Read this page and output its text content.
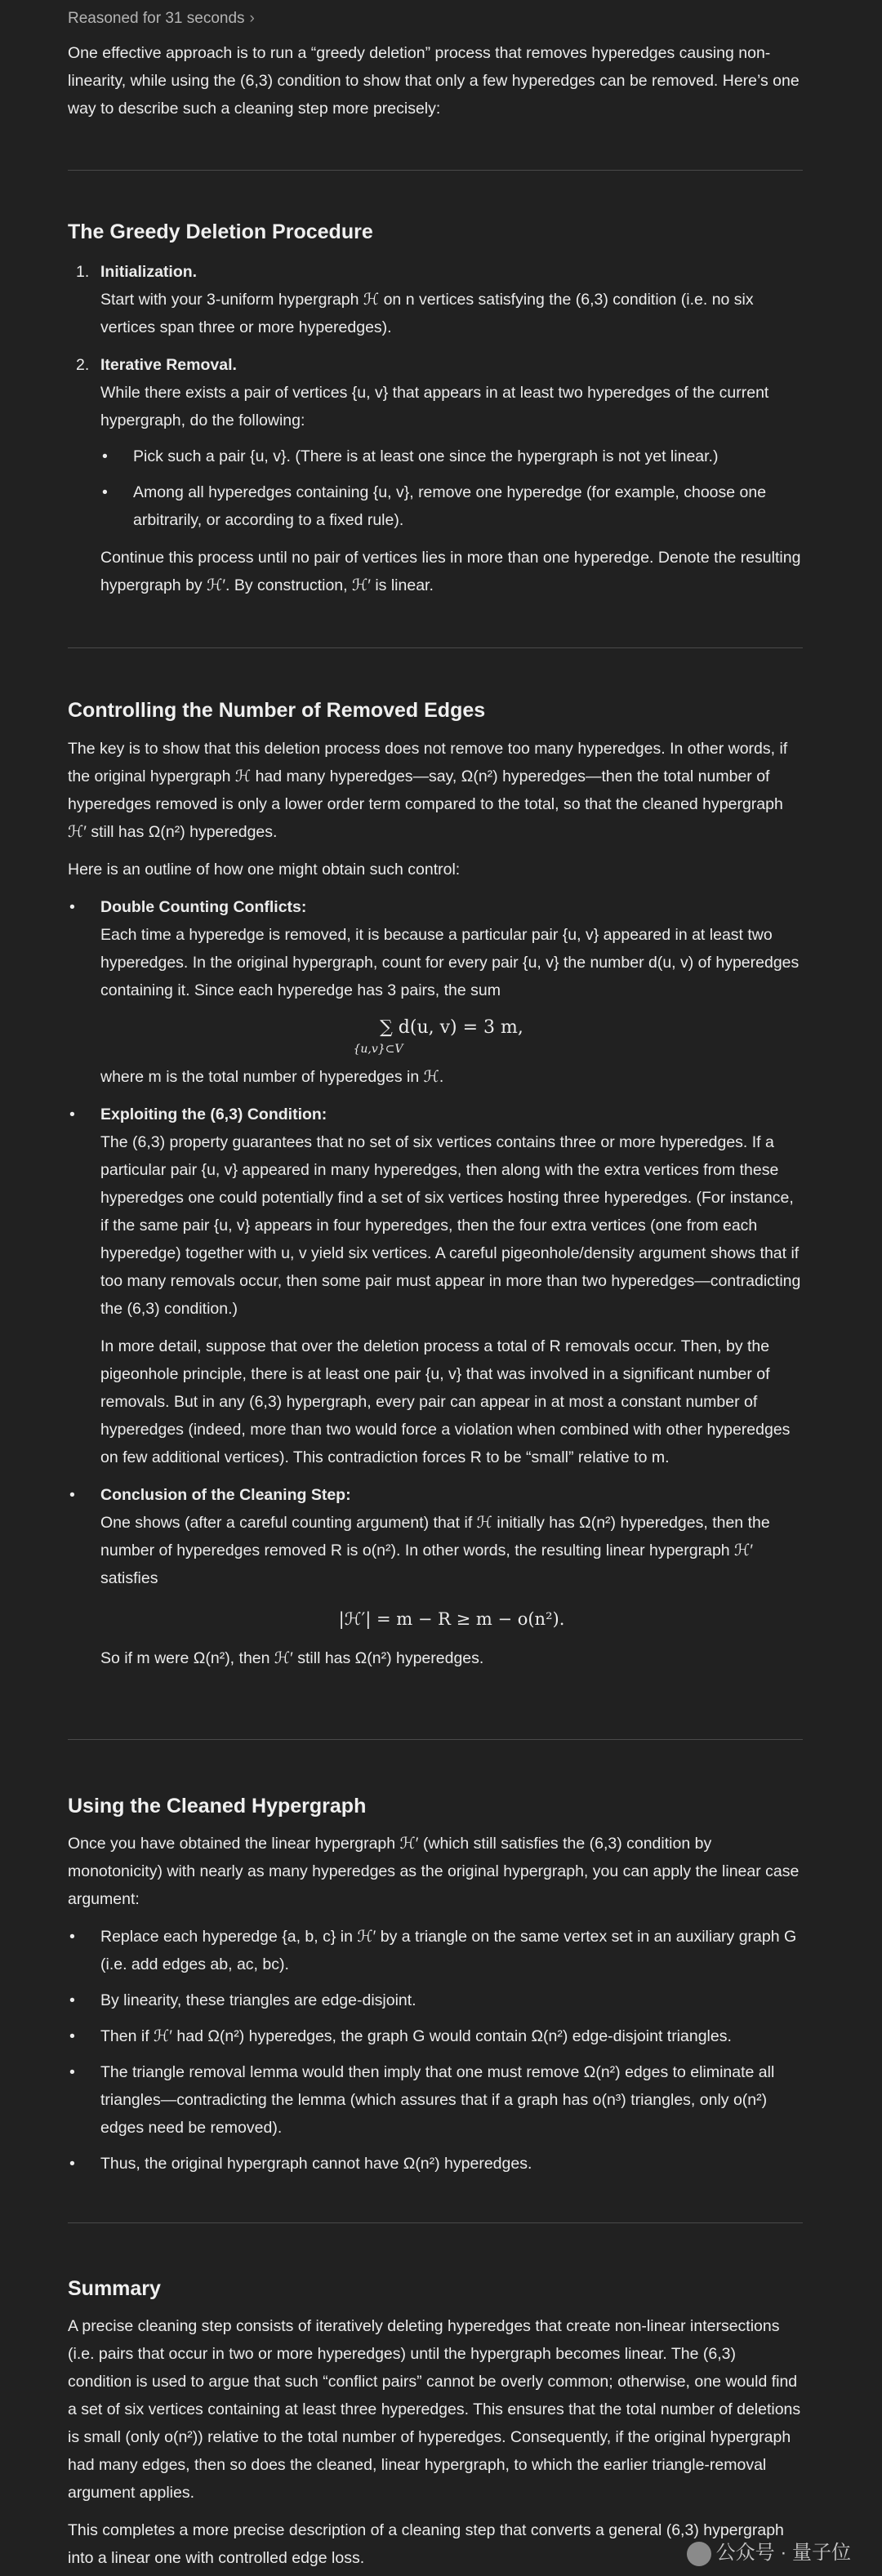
Reasoned for 31 seconds ›

One effective approach is to run a “greedy deletion” process that removes hyperedges causing non-linearity, while using the (6,3) condition to show that only a few hyperedges can be removed. Here’s one way to describe such a cleaning step more precisely:

The Greedy Deletion Procedure
1. Initialization.

Start with your 3-uniform hypergraph ℋ on n vertices satisfying the (6,3) condition (i.e. no six vertices span three or more hyperedges).

2. Iterative Removal.

While there exists a pair of vertices {u, v} that appears in at least two hyperedges of the current hypergraph, do the following:

•

Pick such a pair {u, v}. (There is at least one since the hypergraph is not yet linear.)

•

Among all hyperedges containing {u, v}, remove one hyperedge (for example, choose one arbitrarily, or according to a fixed rule).

Continue this process until no pair of vertices lies in more than one hyperedge. Denote the resulting hypergraph by ℋ′. By construction, ℋ′ is linear.

Controlling the Number of Removed Edges

The key is to show that this deletion process does not remove too many hyperedges. In other words, if the original hypergraph ℋ had many hyperedges—say, Ω(n²) hyperedges—then the total number of hyperedges removed is only a lower order term compared to the total, so that the cleaned hypergraph ℋ′ still has Ω(n²) hyperedges.

Here is an outline of how one might obtain such control:

•

Double Counting Conflicts:

Each time a hyperedge is removed, it is because a particular pair {u, v} appeared in at least two hyperedges. In the original hypergraph, count for every pair {u, v} the number d(u, v) of hyperedges containing it. Since each hyperedge has 3 pairs, the sum

∑ d(u, v) = 3 m,
{u,v}⊂V

where m is the total number of hyperedges in ℋ.

•

Exploiting the (6,3) Condition:

The (6,3) property guarantees that no set of six vertices contains three or more hyperedges. If a particular pair {u, v} appeared in many hyperedges, then along with the extra vertices from these hyperedges one could potentially find a set of six vertices hosting three hyperedges. (For instance, if the same pair {u, v} appears in four hyperedges, then the four extra vertices (one from each hyperedge) together with u, v yield six vertices. A careful pigeonhole/density argument shows that if too many removals occur, then some pair must appear in more than two hyperedges—contradicting the (6,3) condition.)

In more detail, suppose that over the deletion process a total of R removals occur. Then, by the pigeonhole principle, there is at least one pair {u, v} that was involved in a significant number of removals. But in any (6,3) hypergraph, every pair can appear in at most a constant number of hyperedges (indeed, more than two would force a violation when combined with other hyperedges on few additional vertices). This contradiction forces R to be “small” relative to m.

•

Conclusion of the Cleaning Step:

One shows (after a careful counting argument) that if ℋ initially has Ω(n²) hyperedges, then the number of hyperedges removed R is o(n²). In other words, the resulting linear hypergraph ℋ′ satisfies

|ℋ′| = m − R ≥ m − o(n²).

So if m were Ω(n²), then ℋ′ still has Ω(n²) hyperedges.

Using the Cleaned Hypergraph

Once you have obtained the linear hypergraph ℋ′ (which still satisfies the (6,3) condition by monotonicity) with nearly as many hyperedges as the original hypergraph, you can apply the linear case argument:

•

Replace each hyperedge {a, b, c} in ℋ′ by a triangle on the same vertex set in an auxiliary graph G (i.e. add edges ab, ac, bc).

•

By linearity, these triangles are edge-disjoint.

•

Then if ℋ′ had Ω(n²) hyperedges, the graph G would contain Ω(n²) edge-disjoint triangles.

•

The triangle removal lemma would then imply that one must remove Ω(n²) edges to eliminate all triangles—contradicting the lemma (which assures that if a graph has o(n³) triangles, only o(n²) edges need be removed).

•

Thus, the original hypergraph cannot have Ω(n²) hyperedges.

Summary

A precise cleaning step consists of iteratively deleting hyperedges that create non-linear intersections (i.e. pairs that occur in two or more hyperedges) until the hypergraph becomes linear. The (6,3) condition is used to argue that such “conflict pairs” cannot be overly common; otherwise, one would find a set of six vertices containing at least three hyperedges. This ensures that the total number of deletions is small (only o(n²)) relative to the total number of hyperedges. Consequently, if the original hypergraph had many edges, then so does the cleaned, linear hypergraph, to which the earlier triangle-removal argument applies.

This completes a more precise description of a cleaning step that converts a general (6,3) hypergraph into a linear one with controlled edge loss.	公众号 · 量子位
